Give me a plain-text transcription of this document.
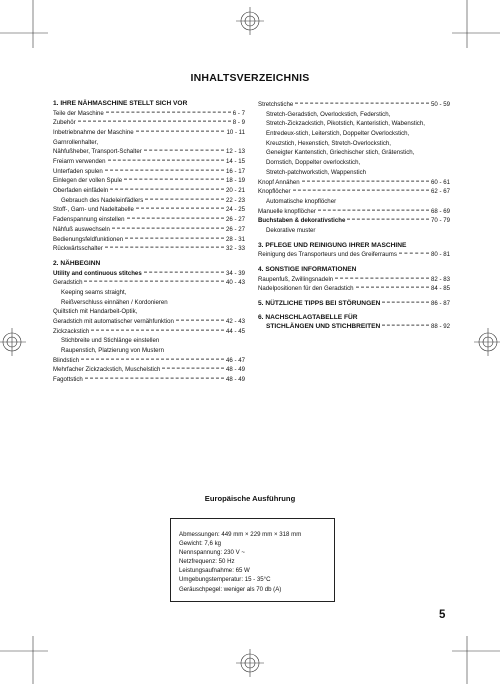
INHALTSVERZEICHNIS
1. IHRE NÄHMASCHINE STELLT SICH VOR
Teile der Maschine	6 - 7
Zubehör	8 - 9
Inbetriebnahme der Maschine	10 - 11
Garnrollenhalter,
Nähfußheber, Transport-Schalter	12 - 13
Freiarm verwenden	14 - 15
Unterfaden spulen	16 - 17
Einlegen der vollen Spule	18 - 19
Oberfaden einfädeln	20 - 21
Gebrauch des Nadeleinfädlers	22 - 23
Stoff-, Garn- und Nadeltabelle	24 - 25
Fadenspannung einstellen	26 - 27
Nähfuß auswechseln	26 - 27
Bedienungsfeldfunktionen	28 - 31
Rückwärtsschalter	32 - 33
2. NÄHBEGINN
Utility and continuous stitches	34 - 39
Geradstich	40 - 43
Keeping seams straight,
Reißverschluss einnähen / Kordonieren
Quiltstich mit Handarbeit-Optik,
Geradstich mit automatischer vernähfunktion	42 - 43
Zickzackstich	44 - 45
Stichbreite und Stichlänge einstellen
Raupenstich, Platzierung von Mustern
Blindstich	46 - 47
Mehrfacher Zickzackstich, Muschelstich	48 - 49
Fagottstich	48 - 49
Stretchstiche	50 - 59
Stretch-Geradstich, Overlockstich, Federstich,
Stretch-Zickzackstich, Pikotstich, Kanteristich, Wabenstich,
Entredeux-stich, Leiterstich, Doppelter Overlockstich,
Kreuzstich, Hexenstich, Stretch-Overlockstich,
Geneigter Kantenstich, Griechischer stich, Grätenstich,
Dornstich, Doppelter overlockstich,
Stretch-patchworkstich, Wappenstich
Knopf Annähen	60 - 61
Knopflöcher	62 - 67
Automatische knopflöcher
Manuelle knopflöcher	68 - 69
Buchstaben & dekoratívstiche	70 - 79
Dekorative muster
3. PFLEGE UND REINIGUNG IHRER MASCHINE
Reinigung des Transporteurs und des Greiferraums	80 - 81
4. SONSTIGE INFORMATIONEN
Raupenfuß, Zwillingsnadeln	82 - 83
Nadelpositionen für den Geradstich	84 - 85
5. NÜTZLICHE TIPPS BEI STÖRUNGEN	86 - 87
6. NACHSCHLAGTABELLE FÜR
STICHLÄNGEN UND STICHBREITEN	88 - 92
Europäische Ausführung
Abmessungen: 449 mm × 229 mm × 318 mm
Gewicht: 7,6 kg
Nennspannung: 230 V ~
Netzfrequenz: 50 Hz
Leistungsaufnahme: 65 W
Umgebungstemperatur: 15 - 35°C
Geräuschpegel: weniger als 70 db (A)
5
